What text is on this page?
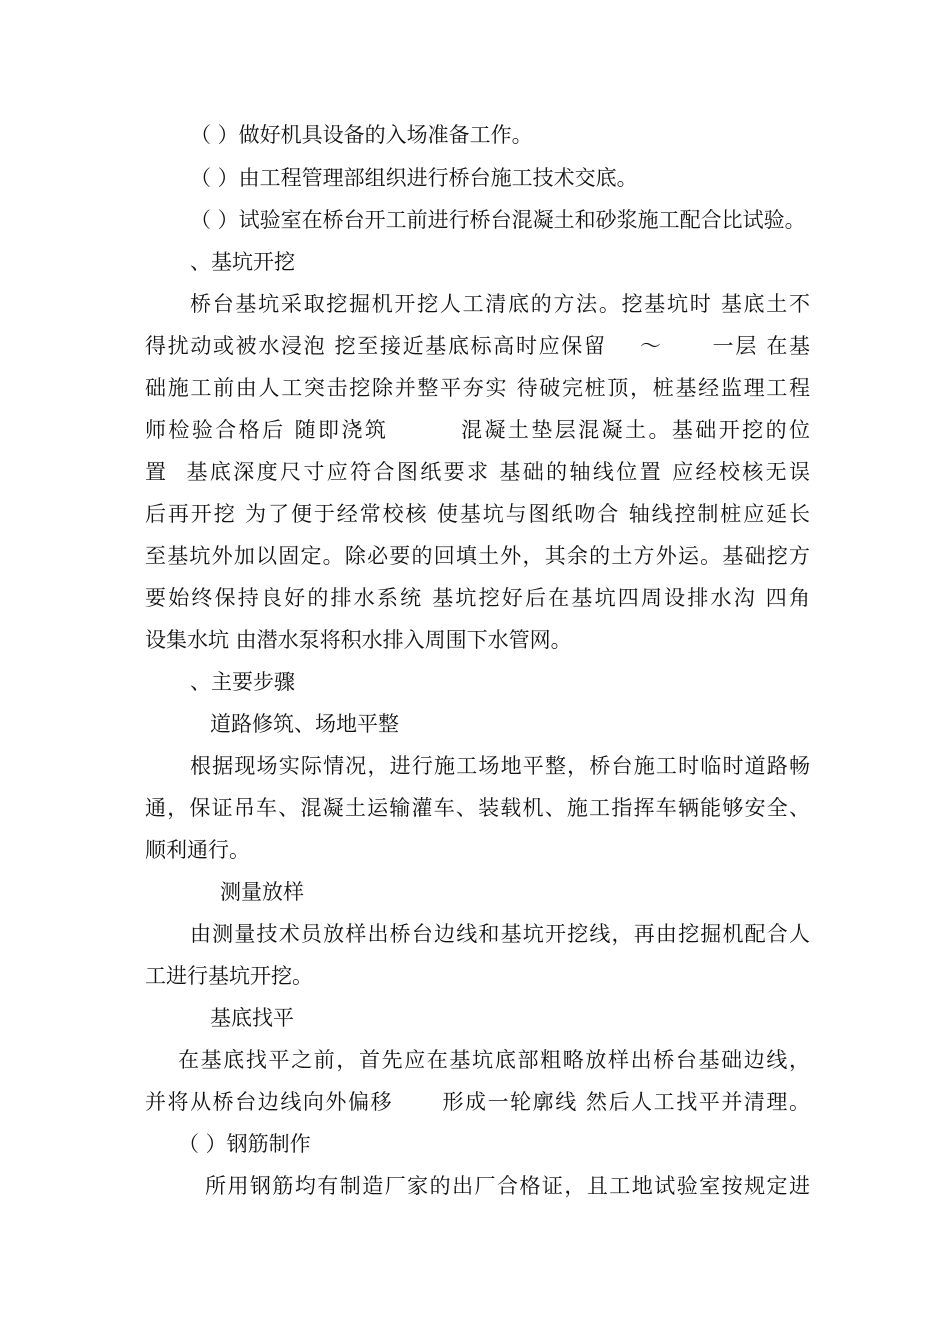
（ ）做好机具设备的入场准备工作。
（ ）由工程管理部组织进行桥台施工技术交底。
（ ）试验室在桥台开工前进行桥台混凝土和砂浆施工配合比试验。
、基坑开挖
桥台基坑采取挖掘机开挖人工清底的方法。挖基坑时 基底土不
得扰动或被水浸泡 挖至接近基底标高时应保留    ～      一层 在基
础施工前由人工突击挖除并整平夯实 待破完桩顶，桩基经监理工程
师检验合格后 随即浇筑        混凝土垫层混凝土。基础开挖的位
置  基底深度尺寸应符合图纸要求 基础的轴线位置 应经校核无误
后再开挖 为了便于经常校核 使基坑与图纸吻合 轴线控制桩应延长
至基坑外加以固定。除必要的回填土外，其余的土方外运。基础挖方
要始终保持良好的排水系统 基坑挖好后在基坑四周设排水沟 四角
设集水坑 由潜水泵将积水排入周围下水管网。
、主要步骤
道路修筑、场地平整
根据现场实际情况，进行施工场地平整，桥台施工时临时道路畅
通，保证吊车、混凝土运输灌车、装载机、施工指挥车辆能够安全、
顺利通行。
测量放样
由测量技术员放样出桥台边线和基坑开挖线，再由挖掘机配合人
工进行基坑开挖。
基底找平
在基底找平之前，首先应在基坑底部粗略放样出桥台基础边线，
并将从桥台边线向外偏移      形成一轮廓线 然后人工找平并清理。
（ ）钢筋制作
所用钢筋均有制造厂家的出厂合格证，且工地试验室按规定进
